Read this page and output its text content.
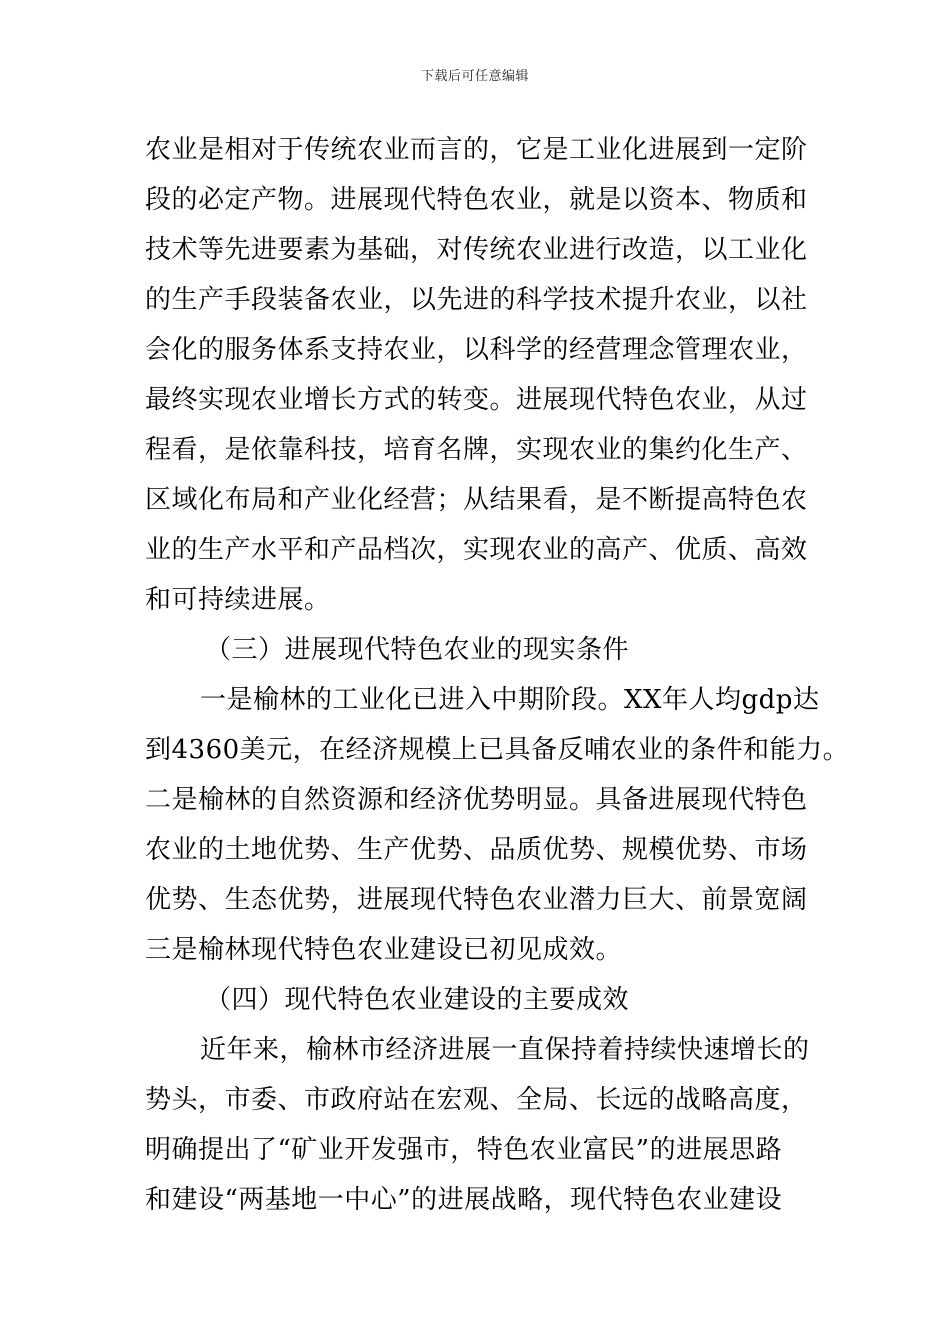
下载后可任意编辑
农业是相对于传统农业而言的，它是工业化进展到一定阶
段的必定产物。进展现代特色农业，就是以资本、物质和
技术等先进要素为基础，对传统农业进行改造，以工业化
的生产手段装备农业，以先进的科学技术提升农业，以社
会化的服务体系支持农业，以科学的经营理念管理农业，
最终实现农业增长方式的转变。进展现代特色农业，从过
程看，是依靠科技，培育名牌，实现农业的集约化生产、
区域化布局和产业化经营；从结果看，是不断提高特色农
业的生产水平和产品档次，实现农业的高产、优质、高效
和可持续进展。
（三）进展现代特色农业的现实条件
一是榆林的工业化已进入中期阶段。XX年人均gdp达
到4360美元，在经济规模上已具备反哺农业的条件和能力。
二是榆林的自然资源和经济优势明显。具备进展现代特色
农业的土地优势、生产优势、品质优势、规模优势、市场
优势、生态优势，进展现代特色农业潜力巨大、前景宽阔
三是榆林现代特色农业建设已初见成效。
（四）现代特色农业建设的主要成效
近年来，榆林市经济进展一直保持着持续快速增长的
势头，市委、市政府站在宏观、全局、长远的战略高度，
明确提出了“矿业开发强市，特色农业富民”的进展思路
和建设“两基地一中心”的进展战略，现代特色农业建设
